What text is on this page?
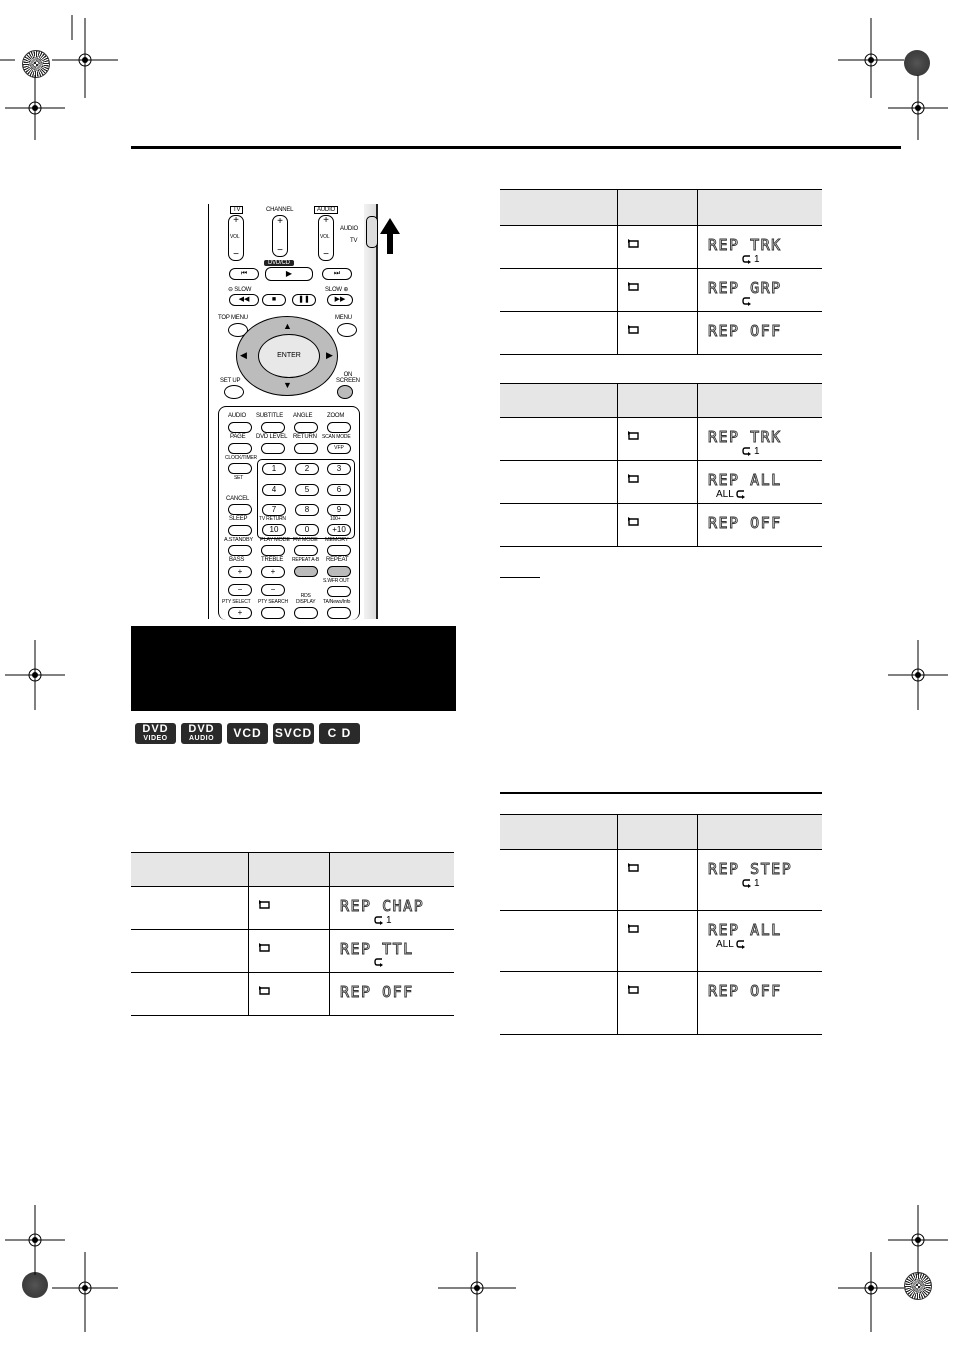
AUDIO
TV
TV
+
VOL
−
CHANNEL
+
−
AUDIO
+
VOL
−
DVD/CD
⏮	▶	⏭
⊖ SLOW	SLOW ⊕
◀◀	■	❚❚	▶▶
TOP MENU	MENU
▲
▼
◀	▶
ENTER
SET UP
ON
SCREEN
AUDIO SUBTITLE ANGLE ZOOM
PAGE DVD LEVEL RETURN SCAN MODE
VFP
CLOCK/TIMER
SET
CANCEL
SLEEP
1	2	3
4	5	6
7	8	9
TV RETURN	100+
10	0	+10
A.STANDBY PLAY MODE FM MODE MEMORY
BASS	TREBLE REPEAT A-B REPEAT
+	+
S.WFR OUT
−	−
PTY SELECT PTY SEARCH
RDS
DISPLAY TA/News/Info
+
DVD
VIDEO
DVD
AUDIO	VCD	SVCD	C D

REP CHAP
1

REP TTL

REP OFF

REP TRK
1

REP GRP

REP OFF

REP TRK
1

REP ALL
ALL

REP OFF

REP STEP
1

REP ALL
ALL

REP OFF
